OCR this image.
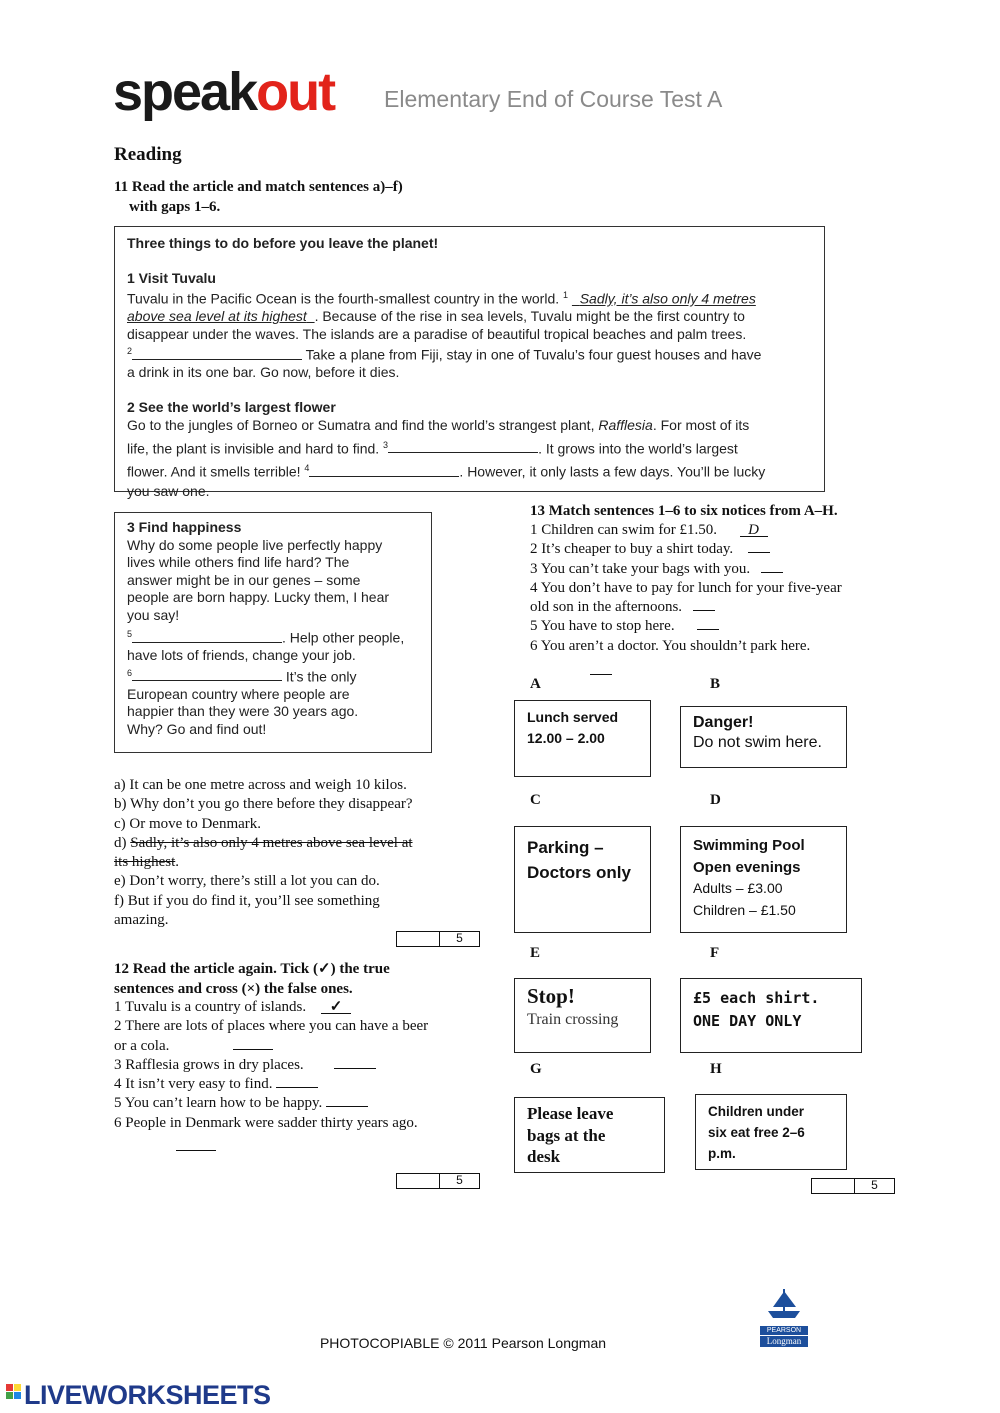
speakout Elementary End of Course Test A
Reading
11 Read the article and match sentences a)–f)
with gaps 1–6.
Three things to do before you leave the planet!
1 Visit Tuvalu
Tuvalu in the Pacific Ocean is the fourth-smallest country in the world. $^1$ Sadly, it’s also only 4 metres
above sea level at its highest . Because of the rise in sea levels, Tuvalu might be the first country to
disappear under the waves. The islands are a paradise of beautiful tropical beaches and palm trees.
$^2$	Take a plane from Fiji, stay in one of Tuvalu’s four guest houses and have
a drink in its one bar. Go now, before it dies.
2 See the world’s largest flower
Go to the jungles of Borneo or Sumatra and find the world’s strangest plant, Rafflesia. For most of its
life, the plant is invisible and hard to find. $^3$	. It grows into the world’s largest
flower. And it smells terrible! $^4$	. However, it only lasts a few days. You’ll be lucky
you saw one.
3 Find happiness
Why do some people live perfectly happy
lives while others find life hard? The
answer might be in our genes – some
people are born happy. Lucky them, I hear
you say!
$^5$	. Help other people,
have lots of friends, change your job.
$^6$	It’s the only
European country where people are
happier than they were 30 years ago.
Why? Go and find out!
a) It can be one metre across and weigh 10 kilos.
b) Why don’t you go there before they disappear?
c) Or move to Denmark.
d) Sadly, it’s also only 4 metres above sea level at
its highest.
e) Don’t worry, there’s still a lot you can do.
f) But if you do find it, you’ll see something
amazing.
5
12 Read the article again. Tick (✓) the true
sentences and cross (×) the false ones.
1 Tuvalu is a country of islands. ✓
2 There are lots of places where you can have a beer
or a cola.
3 Rafflesia grows in dry places.
4 It isn’t very easy to find.
5 You can’t learn how to be happy.
6 People in Denmark were sadder thirty years ago.
5
13 Match sentences 1–6 to six notices from A–H.
1 Children can swim for £1.50. D
2 It’s cheaper to buy a shirt today.
3 You can’t take your bags with you.
4 You don’t have to pay for lunch for your five-year
old son in the afternoons.
5 You have to stop here.
6 You aren’t a doctor. You shouldn’t park here.
A	B
C	D
E	F
G	H
Lunch served
12.00 – 2.00
Danger!
Do not swim here.
Parking –
Doctors only
Swimming Pool
Open evenings
Adults – £3.00
Children – £1.50
Stop!
Train crossing
£5 each shirt.
ONE DAY ONLY
Please leave
bags at the
desk
Children under
six eat free 2–6
p.m.
5
PEARSON
Longman
PHOTOCOPIABLE © 2011 Pearson Longman
LIVEWORKSHEETS
